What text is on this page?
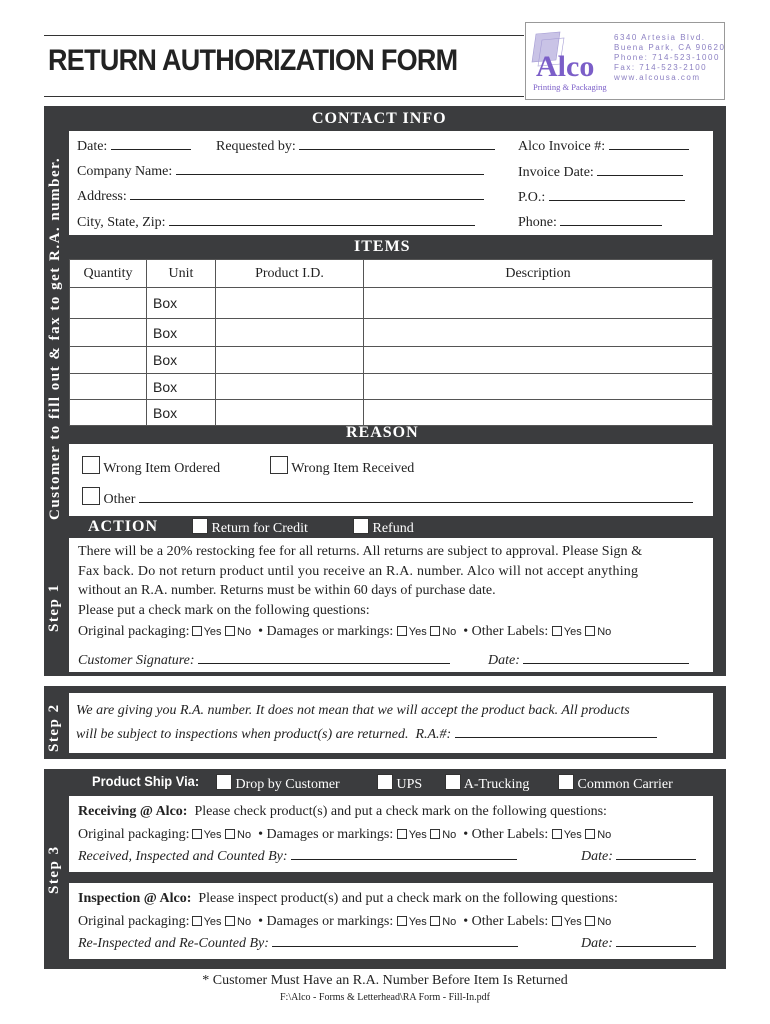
RETURN AUTHORIZATION FORM	Alco
Printing & Packaging
6340 Artesia Blvd.
Buena Park, CA 90620
Phone: 714-523-1000
Fax: 714-523-2100
www.alcousa.com
Customer to fill out & fax to get R.A. number.
CONTACT INFO
Date:	Requested by:	Alco Invoice #:
Company Name:	Invoice Date:
Address:	P.O.:
City, State, Zip:	Phone:
ITEMS
Quantity	Unit	Product I.D.	Description
	Box		
	Box		
	Box		
	Box		
	Box		
REASON
Wrong Item Ordered	Wrong Item Received
Other
ACTION	Return for Credit	Refund
Step 1
There will be a 20% restocking fee for all returns. All returns are subject to approval. Please Sign &
Fax back. Do not return product until you receive an R.A. number. Alco will not accept anything
without an R.A. number. Returns must be within 60 days of purchase date.
Please put a check mark on the following questions:
Original packaging: Yes No  • Damages or markings: Yes No  • Other Labels: Yes No
Customer Signature:	Date:
Step 2 We are giving you R.A. number. It does not mean that we will accept the product back. All products
will be subject to inspections when product(s) are returned. R.A.#:
Step 3
Product Ship Via:	Drop by Customer	UPS	A-Trucking	Common Carrier
Receiving @ Alco: Please check product(s) and put a check mark on the following questions:
Original packaging: Yes No  • Damages or markings: Yes No  • Other Labels: Yes No
Received, Inspected and Counted By:	Date:
Inspection @ Alco: Please inspect product(s) and put a check mark on the following questions:
Original packaging: Yes No  • Damages or markings: Yes No  • Other Labels: Yes No
Re-Inspected and Re-Counted By:	Date:
* Customer Must Have an R.A. Number Before Item Is Returned
F:\Alco - Forms & Letterhead\RA Form - Fill-In.pdf
